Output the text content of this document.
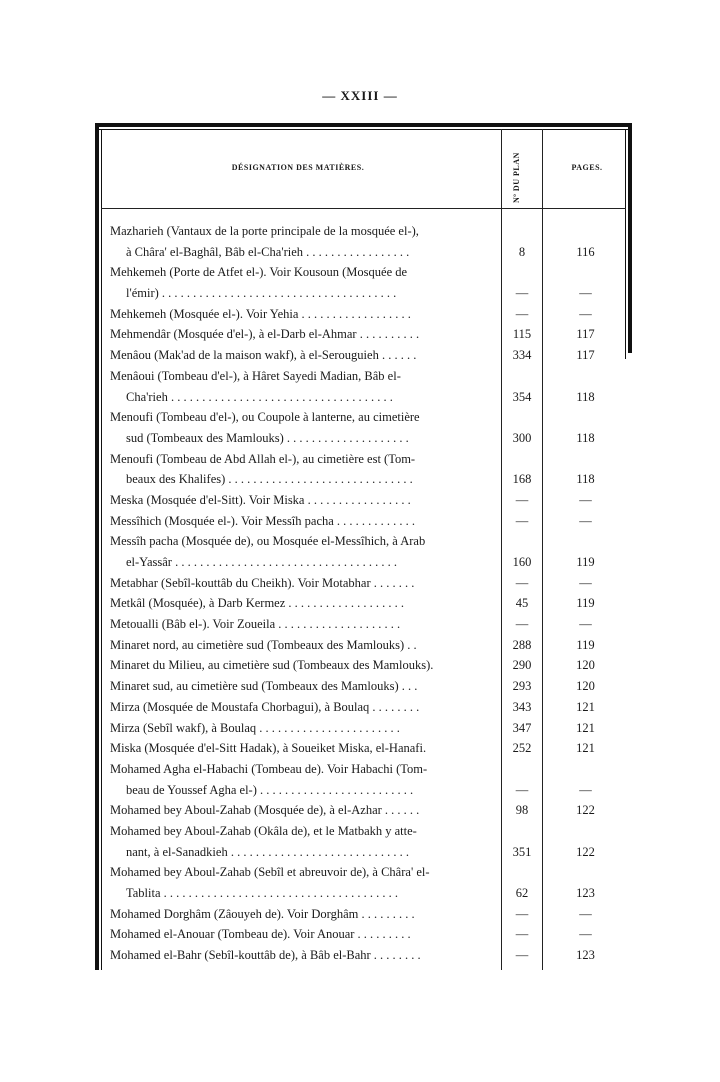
— XXIII —
DÉSIGNATION DES MATIÈRES.	Nº DU PLAN	PAGES.
Mazharieh (Vantaux de la porte principale de la mosquée el-),
à Châra' el-Baghâl, Bâb el-Cha'rieh . . . . . . . . . . . . . . . . .	8	116
Mehkemeh (Porte de Atfet el-). Voir Kousoun (Mosquée de
l'émir) . . . . . . . . . . . . . . . . . . . . . . . . . . . . . . . . . . . . . .	—	—
Mehkemeh (Mosquée el-). Voir Yehia . . . . . . . . . . . . . . . . . .	—	—
Mehmendâr (Mosquée d'el-), à el-Darb el-Ahmar . . . . . . . . . .	115	117
Menâou (Mak'ad de la maison wakf), à el-Serouguieh . . . . . .	334	117
Menâoui (Tombeau d'el-), à Hâret Sayedi Madian, Bâb el-
Cha'rieh . . . . . . . . . . . . . . . . . . . . . . . . . . . . . . . . . . . .	354	118
Menoufi (Tombeau d'el-), ou Coupole à lanterne, au cimetière
sud (Tombeaux des Mamlouks) . . . . . . . . . . . . . . . . . . . .	300	118
Menoufi (Tombeau de Abd Allah el-), au cimetière est (Tom-
beaux des Khalifes) . . . . . . . . . . . . . . . . . . . . . . . . . . . . . .	168	118
Meska (Mosquée d'el-Sitt). Voir Miska . . . . . . . . . . . . . . . . .	—	—
Messîhich (Mosquée el-). Voir Messîh pacha . . . . . . . . . . . . .	—	—
Messîh pacha (Mosquée de), ou Mosquée el-Messîhich, à Arab
el-Yassâr . . . . . . . . . . . . . . . . . . . . . . . . . . . . . . . . . . . .	160	119
Metabhar (Sebîl-kouttâb du Cheikh). Voir Motabhar . . . . . . .	—	—
Metkâl (Mosquée), à Darb Kermez . . . . . . . . . . . . . . . . . . .	45	119
Metoualli (Bâb el-). Voir Zoueila . . . . . . . . . . . . . . . . . . . .	—	—
Minaret nord, au cimetière sud (Tombeaux des Mamlouks) . .	288	119
Minaret du Milieu, au cimetière sud (Tombeaux des Mamlouks).	290	120
Minaret sud, au cimetière sud (Tombeaux des Mamlouks) . . .	293	120
Mirza (Mosquée de Moustafa Chorbagui), à Boulaq . . . . . . . .	343	121
Mirza (Sebîl wakf), à Boulaq . . . . . . . . . . . . . . . . . . . . . . .	347	121
Miska (Mosquée d'el-Sitt Hadak), à Soueiket Miska, el-Hanafi.	252	121
Mohamed Agha el-Habachi (Tombeau de). Voir Habachi (Tom-
beau de Youssef Agha el-) . . . . . . . . . . . . . . . . . . . . . . . . .	—	—
Mohamed bey Aboul-Zahab (Mosquée de), à el-Azhar . . . . . .	98	122
Mohamed bey Aboul-Zahab (Okâla de), et le Matbakh y atte-
nant, à el-Sanadkieh . . . . . . . . . . . . . . . . . . . . . . . . . . . . .	351	122
Mohamed bey Aboul-Zahab (Sebîl et abreuvoir de), à Châra' el-
Tablita . . . . . . . . . . . . . . . . . . . . . . . . . . . . . . . . . . . . . .	62	123
Mohamed Dorghâm (Zâouyeh de). Voir Dorghâm . . . . . . . . .	—	—
Mohamed el-Anouar (Tombeau de). Voir Anouar . . . . . . . . .	—	—
Mohamed el-Bahr (Sebîl-kouttâb de), à Bâb el-Bahr . . . . . . . .	—	123
